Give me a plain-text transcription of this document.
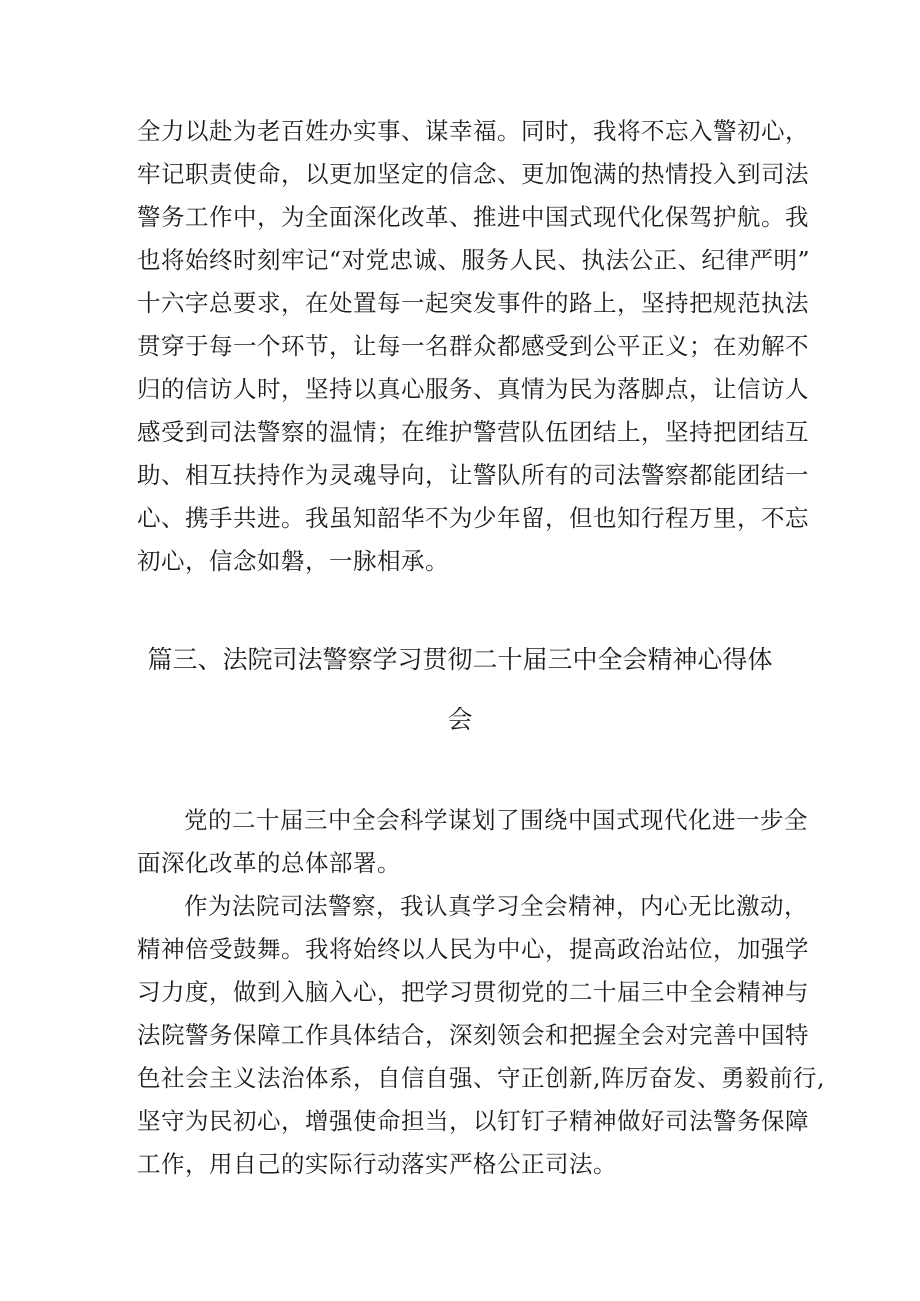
全力以赴为老百姓办实事、谋幸福。同时，我将不忘入警初心，
牢记职责使命，以更加坚定的信念、更加饱满的热情投入到司法
警务工作中，为全面深化改革、推进中国式现代化保驾护航。我
也将始终时刻牢记“对党忠诚、服务人民、执法公正、纪律严明”
十六字总要求，在处置每一起突发事件的路上，坚持把规范执法
贯穿于每一个环节，让每一名群众都感受到公平正义；在劝解不
归的信访人时，坚持以真心服务、真情为民为落脚点，让信访人
感受到司法警察的温情；在维护警营队伍团结上，坚持把团结互
助、相互扶持作为灵魂导向，让警队所有的司法警察都能团结一
心、携手共进。我虽知韶华不为少年留，但也知行程万里，不忘
初心，信念如磐，一脉相承。
篇三、法院司法警察学习贯彻二十届三中全会精神心得体
会
党的二十届三中全会科学谋划了围绕中国式现代化进一步全
面深化改革的总体部署。
作为法院司法警察，我认真学习全会精神，内心无比激动，
精神倍受鼓舞。我将始终以人民为中心，提高政治站位，加强学
习力度，做到入脑入心，把学习贯彻党的二十届三中全会精神与
法院警务保障工作具体结合，深刻领会和把握全会对完善中国特
色社会主义法治体系，自信自强、守正创新,阵厉奋发、勇毅前行,
坚守为民初心，增强使命担当，以钉钉子精神做好司法警务保障
工作，用自己的实际行动落实严格公正司法。
